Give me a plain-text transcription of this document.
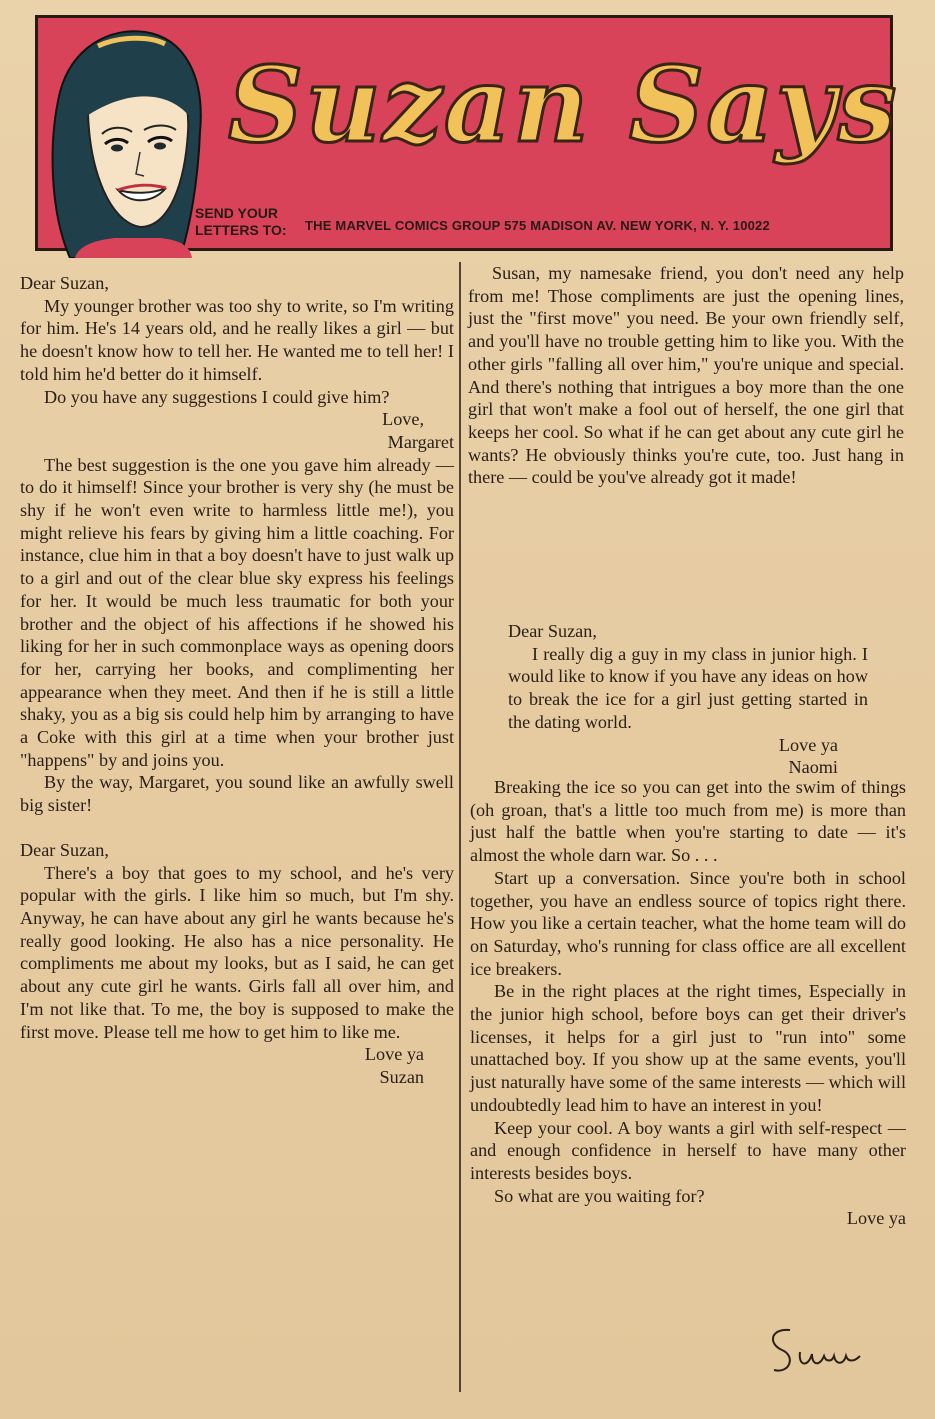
Suzan Says
SEND YOUR LETTERS TO:	THE MARVEL COMICS GROUP 575 MADISON AV. NEW YORK, N. Y. 10022

Dear Suzan,

My younger brother was too shy to write, so I'm writing for him. He's 14 years old, and he really likes a girl — but he doesn't know how to tell her. He wanted me to tell her! I told him he'd better do it himself.

Do you have any suggestions I could give him?

Love,

Margaret

The best suggestion is the one you gave him already — to do it himself! Since your brother is very shy (he must be shy if he won't even write to harmless little me!), you might relieve his fears by giving him a little coaching. For instance, clue him in that a boy doesn't have to just walk up to a girl and out of the clear blue sky express his feelings for her. It would be much less traumatic for both your brother and the object of his affections if he showed his liking for her in such commonplace ways as opening doors for her, carrying her books, and complimenting her appearance when they meet. And then if he is still a little shaky, you as a big sis could help him by arranging to have a Coke with this girl at a time when your brother just "happens" by and joins you.

By the way, Margaret, you sound like an awfully swell big sister!

Dear Suzan,

There's a boy that goes to my school, and he's very popular with the girls. I like him so much, but I'm shy. Anyway, he can have about any girl he wants because he's really good looking. He also has a nice personality. He compliments me about my looks, but as I said, he can get about any cute girl he wants. Girls fall all over him, and I'm not like that. To me, the boy is supposed to make the first move. Please tell me how to get him to like me.

Love ya

Suzan

Susan, my namesake friend, you don't need any help from me! Those compliments are just the opening lines, just the "first move" you need. Be your own friendly self, and you'll have no trouble getting him to like you. With the other girls "falling all over him," you're unique and special. And there's nothing that intrigues a boy more than the one girl that won't make a fool out of herself, the one girl that keeps her cool. So what if he can get about any cute girl he wants? He obviously thinks you're cute, too. Just hang in there — could be you've already got it made!

Dear Suzan,

I really dig a guy in my class in junior high. I would like to know if you have any ideas on how to break the ice for a girl just getting started in the dating world.

Love ya

Naomi

Breaking the ice so you can get into the swim of things (oh groan, that's a little too much from me) is more than just half the battle when you're starting to date — it's almost the whole darn war. So . . .

Start up a conversation. Since you're both in school together, you have an endless source of topics right there. How you like a certain teacher, what the home team will do on Saturday, who's running for class office are all excellent ice breakers.

Be in the right places at the right times, Especially in the junior high school, before boys can get their driver's licenses, it helps for a girl just to "run into" some unattached boy. If you show up at the same events, you'll just naturally have some of the same interests — which will undoubtedly lead him to have an interest in you!

Keep your cool. A boy wants a girl with self-respect — and enough confidence in herself to have many other interests besides boys.

So what are you waiting for?

Love ya
